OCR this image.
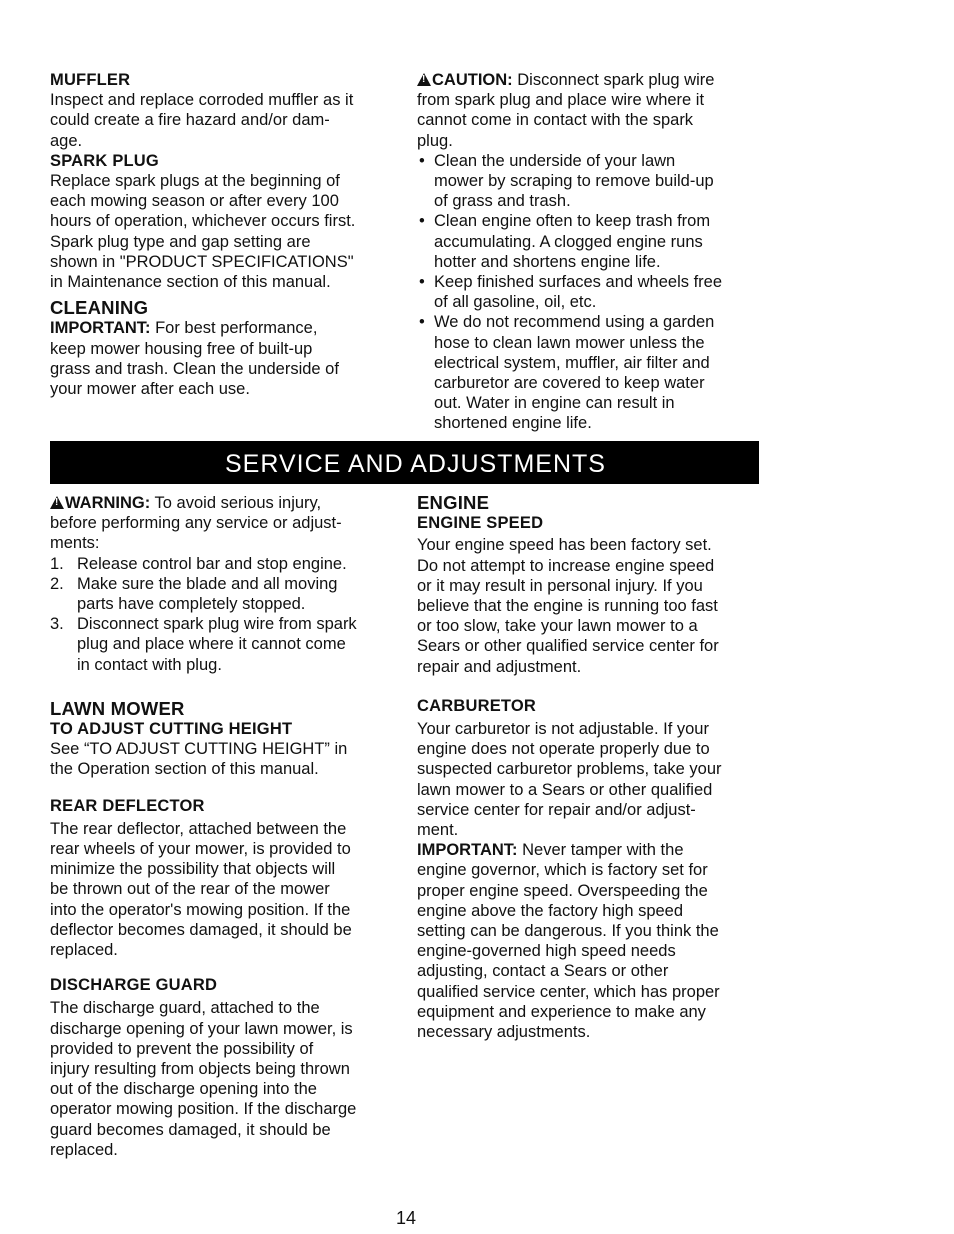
MUFFLER

Inspect and replace corroded muffler as it

could create a fire hazard and/or dam-

age.

SPARK PLUG

Replace spark plugs at the beginning of

each mowing season or after every 100

hours of operation, whichever occurs first.

Spark plug type and gap setting are

shown in "PRODUCT SPECIFICATIONS"

in Maintenance section of this manual.

CLEANING

IMPORTANT: For best performance,

keep mower housing free of built-up

grass and trash. Clean the underside of

your mower after each use.

!CAUTION: Disconnect spark plug wire

from spark plug and place wire where it

cannot come in contact with the spark

plug.

• Clean the underside of your lawn

mower by scraping to remove build-up

of grass and trash.

• Clean engine often to keep trash from

accumulating. A clogged engine runs

hotter and shortens engine life.

• Keep finished surfaces and wheels free

of all gasoline, oil, etc.

• We do not recommend using a garden

hose to clean lawn mower unless the

electrical system, muffler, air filter and

carburetor are covered to keep water

out. Water in engine can result in

shortened engine life.

SERVICE AND ADJUSTMENTS

!WARNING: To avoid serious injury,

before performing any service or adjust-

ments:

1. Release control bar and stop engine.

2. Make sure the blade and all moving

parts have completely stopped.

3. Disconnect spark plug wire from spark

plug and place where it cannot come

in contact with plug.

LAWN MOWER
TO ADJUST CUTTING HEIGHT

See “TO ADJUST CUTTING HEIGHT” in

the Operation section of this manual.

REAR DEFLECTOR

The rear deflector, attached between the

rear wheels of your mower, is provided to

minimize the possibility that objects will

be thrown out of the rear of the mower

into the operator's mowing position. If the

deflector becomes damaged, it should be

replaced.

DISCHARGE GUARD

The discharge guard, attached to the

discharge opening of your lawn mower, is

provided to prevent the possibility of

injury resulting from objects being thrown

out of the discharge opening into the

operator mowing position. If the discharge

guard becomes damaged, it should be

replaced.

ENGINE
ENGINE SPEED

Your engine speed has been factory set.

Do not attempt to increase engine speed

or it may result in personal injury. If you

believe that the engine is running too fast

or too slow, take your lawn mower to a

Sears or other qualified service center for

repair and adjustment.

CARBURETOR

Your carburetor is not adjustable. If your

engine does not operate properly due to

suspected carburetor problems, take your

lawn mower to a Sears or other qualified

service center for repair and/or adjust-

ment.

IMPORTANT: Never tamper with the

engine governor, which is factory set for

proper engine speed. Overspeeding the

engine above the factory high speed

setting can be dangerous. If you think the

engine-governed high speed needs

adjusting, contact a Sears or other

qualified service center, which has proper

equipment and experience to make any

necessary adjustments.

14
